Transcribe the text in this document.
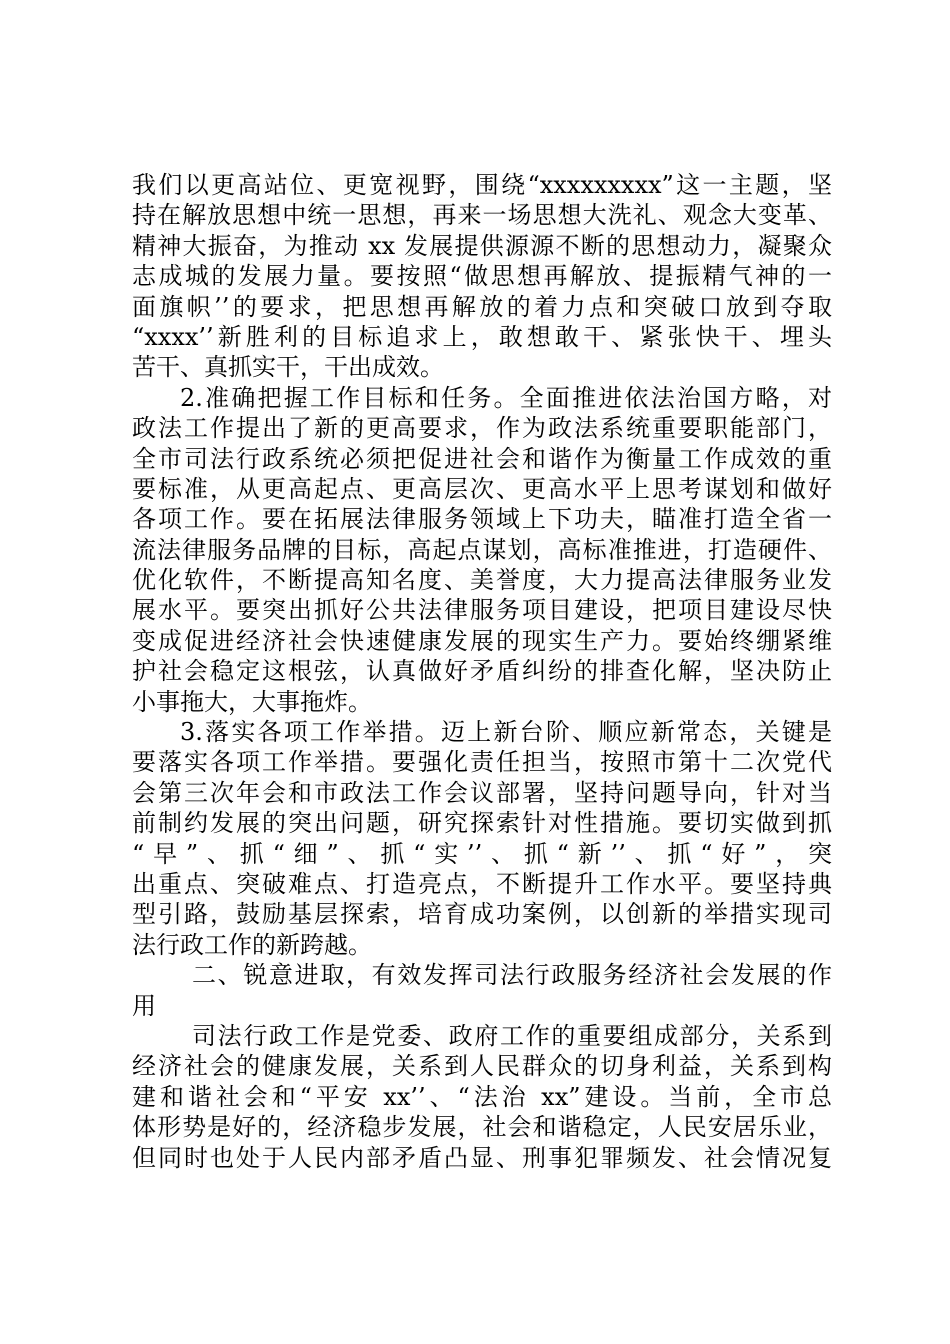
我们以更高站位、更宽视野，围绕“xxxxxxxxx”这一主题，坚
持在解放思想中统一思想，再来一场思想大洗礼、观念大变革、
精神大振奋，为推动 xx 发展提供源源不断的思想动力，凝聚众
志成城的发展力量。要按照“做思想再解放、提振精气神的一
面旗帜’’的要求，把思想再解放的着力点和突破口放到夺取
“xxxx’’新胜利的目标追求上，敢想敢干、紧张快干、埋头
苦干、真抓实干，干出成效。
2.准确把握工作目标和任务。全面推进依法治国方略，对
政法工作提出了新的更高要求，作为政法系统重要职能部门，
全市司法行政系统必须把促进社会和谐作为衡量工作成效的重
要标准，从更高起点、更高层次、更高水平上思考谋划和做好
各项工作。要在拓展法律服务领域上下功夫，瞄准打造全省一
流法律服务品牌的目标，高起点谋划，高标准推进，打造硬件、
优化软件，不断提高知名度、美誉度，大力提高法律服务业发
展水平。要突出抓好公共法律服务项目建设，把项目建设尽快
变成促进经济社会快速健康发展的现实生产力。要始终绷紧维
护社会稳定这根弦，认真做好矛盾纠纷的排查化解，坚决防止
小事拖大，大事拖炸。
3.落实各项工作举措。迈上新台阶、顺应新常态，关键是
要落实各项工作举措。要强化责任担当，按照市第十二次党代
会第三次年会和市政法工作会议部署，坚持问题导向，针对当
前制约发展的突出问题，研究探索针对性措施。要切实做到抓
“早”、抓“细”、抓“实’’、抓“新’’、抓“好”，突
出重点、突破难点、打造亮点，不断提升工作水平。要坚持典
型引路，鼓励基层探索，培育成功案例，以创新的举措实现司
法行政工作的新跨越。
二、锐意进取，有效发挥司法行政服务经济社会发展的作
用
司法行政工作是党委、政府工作的重要组成部分，关系到
经济社会的健康发展，关系到人民群众的切身利益，关系到构
建和谐社会和“平安 xx’’、“法治 xx”建设。当前，全市总
体形势是好的，经济稳步发展，社会和谐稳定，人民安居乐业，
但同时也处于人民内部矛盾凸显、刑事犯罪频发、社会情况复
